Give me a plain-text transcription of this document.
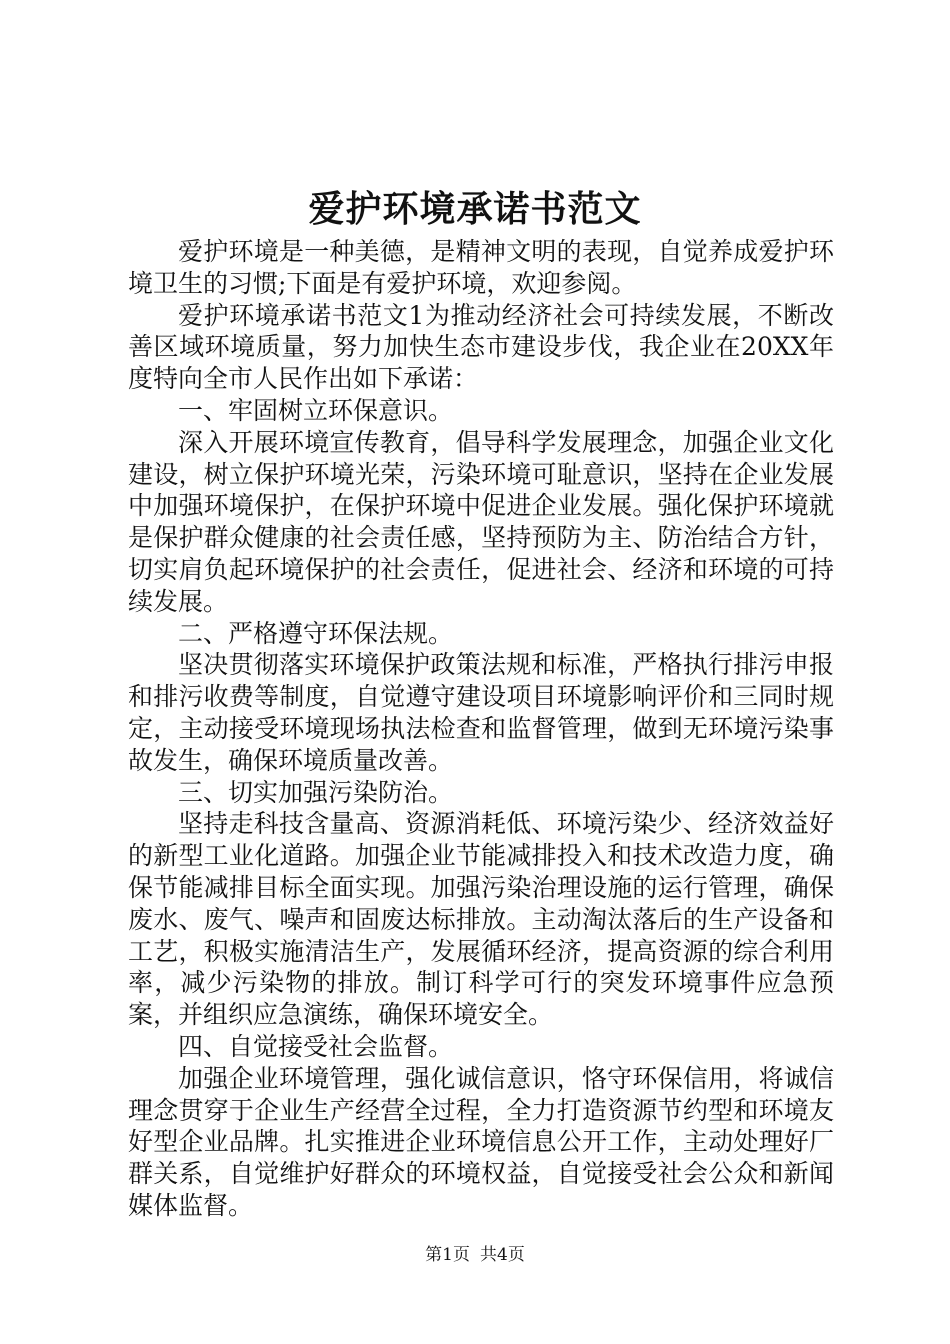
爱护环境承诺书范文

爱护环境是一种美德，是精神文明的表现，自觉养成爱护环境卫生的习惯;下面是有爱护环境，欢迎参阅。

爱护环境承诺书范文1为推动经济社会可持续发展，不断改善区域环境质量，努力加快生态市建设步伐，我企业在20XX年度特向全市人民作出如下承诺：

一、牢固树立环保意识。

深入开展环境宣传教育，倡导科学发展理念，加强企业文化建设，树立保护环境光荣，污染环境可耻意识，坚持在企业发展中加强环境保护，在保护环境中促进企业发展。强化保护环境就是保护群众健康的社会责任感，坚持预防为主、防治结合方针，切实肩负起环境保护的社会责任，促进社会、经济和环境的可持续发展。

二、严格遵守环保法规。

坚决贯彻落实环境保护政策法规和标准，严格执行排污申报和排污收费等制度，自觉遵守建设项目环境影响评价和三同时规定，主动接受环境现场执法检查和监督管理，做到无环境污染事故发生，确保环境质量改善。

三、切实加强污染防治。

坚持走科技含量高、资源消耗低、环境污染少、经济效益好的新型工业化道路。加强企业节能减排投入和技术改造力度，确保节能减排目标全面实现。加强污染治理设施的运行管理，确保废水、废气、噪声和固废达标排放。主动淘汰落后的生产设备和工艺，积极实施清洁生产，发展循环经济，提高资源的综合利用率，减少污染物的排放。制订科学可行的突发环境事件应急预案，并组织应急演练，确保环境安全。

四、自觉接受社会监督。

加强企业环境管理，强化诚信意识，恪守环保信用，将诚信理念贯穿于企业生产经营全过程，全力打造资源节约型和环境友好型企业品牌。扎实推进企业环境信息公开工作，主动处理好厂群关系，自觉维护好群众的环境权益，自觉接受社会公众和新闻媒体监督。

第1页 共4页
